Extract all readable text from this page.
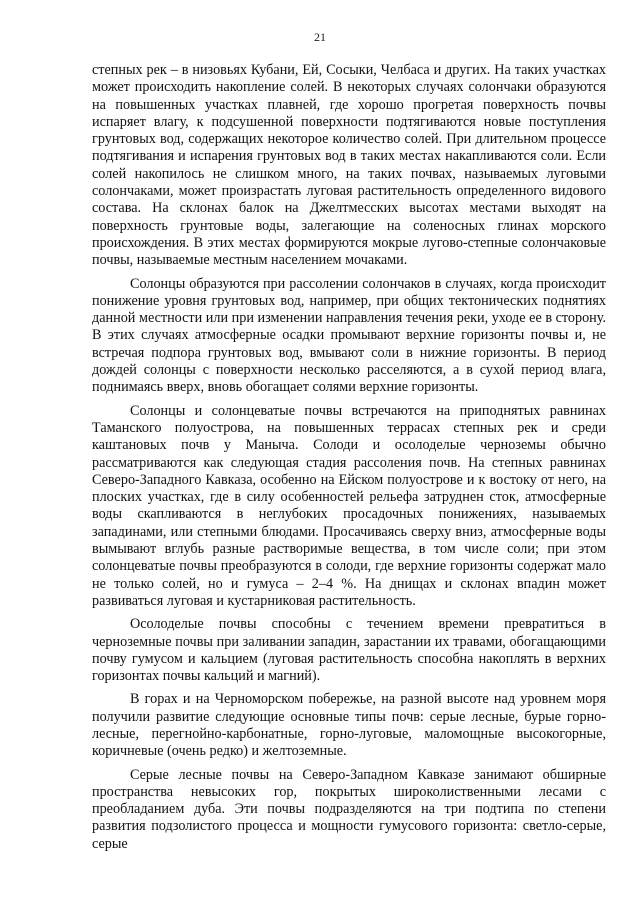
21

степных рек – в низовьях Кубани, Ей, Сосыки, Челбаса и других. На таких участках может происходить накопление солей. В некоторых случаях солончаки образуются на повышенных участках плавней, где хорошо прогретая поверхность почвы испаряет влагу, к подсушенной поверхности подтягиваются новые поступления грунтовых вод, содержащих некоторое количество солей. При длительном процессе подтягивания и испарения грунтовых вод в таких местах накапливаются соли. Если солей накопилось не слишком много, на таких почвах, называемых луговыми солончаками, может произрастать луговая растительность определенного видового состава. На склонах балок на Джелтмесских высотах местами выходят на поверхность грунтовые воды, залегающие на соленосных глинах морского происхождения. В этих местах формируются мокрые лугово-степные солончаковые почвы, называемые местным населением мочаками.

Солонцы образуются при рассолении солончаков в случаях, когда происходит понижение уровня грунтовых вод, например, при общих тектонических поднятиях данной местности или при изменении направления течения реки, уходе ее в сторону. В этих случаях атмосферные осадки промывают верхние горизонты почвы и, не встречая подпора грунтовых вод, вмывают соли в нижние горизонты. В период дождей солонцы с поверхности несколько расселяются, а в сухой период влага, поднимаясь вверх, вновь обогащает солями верхние горизонты.

Солонцы и солонцеватые почвы встречаются на приподнятых равнинах Таманского полуострова, на повышенных террасах степных рек и среди каштановых почв у Маныча. Солоди и осолоделые черноземы обычно рассматриваются как следующая стадия рассоления почв. На степных равнинах Северо-Западного Кавказа, особенно на Ейском полуострове и к востоку от него, на плоских участках, где в силу особенностей рельефа затруднен сток, атмосферные воды скапливаются в неглубоких просадочных понижениях, называемых западинами, или степными блюдами. Просачиваясь сверху вниз, атмосферные воды вымывают вглубь разные растворимые вещества, в том числе соли; при этом солонцеватые почвы преобразуются в солоди, где верхние горизонты содержат мало не только солей, но и гумуса – 2–4 %. На днищах и склонах впадин может развиваться луговая и кустарниковая растительность.

Осолоделые почвы способны с течением времени превратиться в черноземные почвы при заливании западин, зарастании их травами, обогащающими почву гумусом и кальцием (луговая растительность способна накоплять в верхних горизонтах почвы кальций и магний).

В горах и на Черноморском побережье, на разной высоте над уровнем моря получили развитие следующие основные типы почв: серые лесные, бурые горно-лесные, перегнойно-карбонатные, горно-луговые, маломощные высокогорные, коричневые (очень редко) и желтоземные.

Серые лесные почвы на Северо-Западном Кавказе занимают обширные пространства невысоких гор, покрытых широколиственными лесами с преобладанием дуба. Эти почвы подразделяются на три подтипа по степени развития подзолистого процесса и мощности гумусового горизонта: светло-серые, серые
